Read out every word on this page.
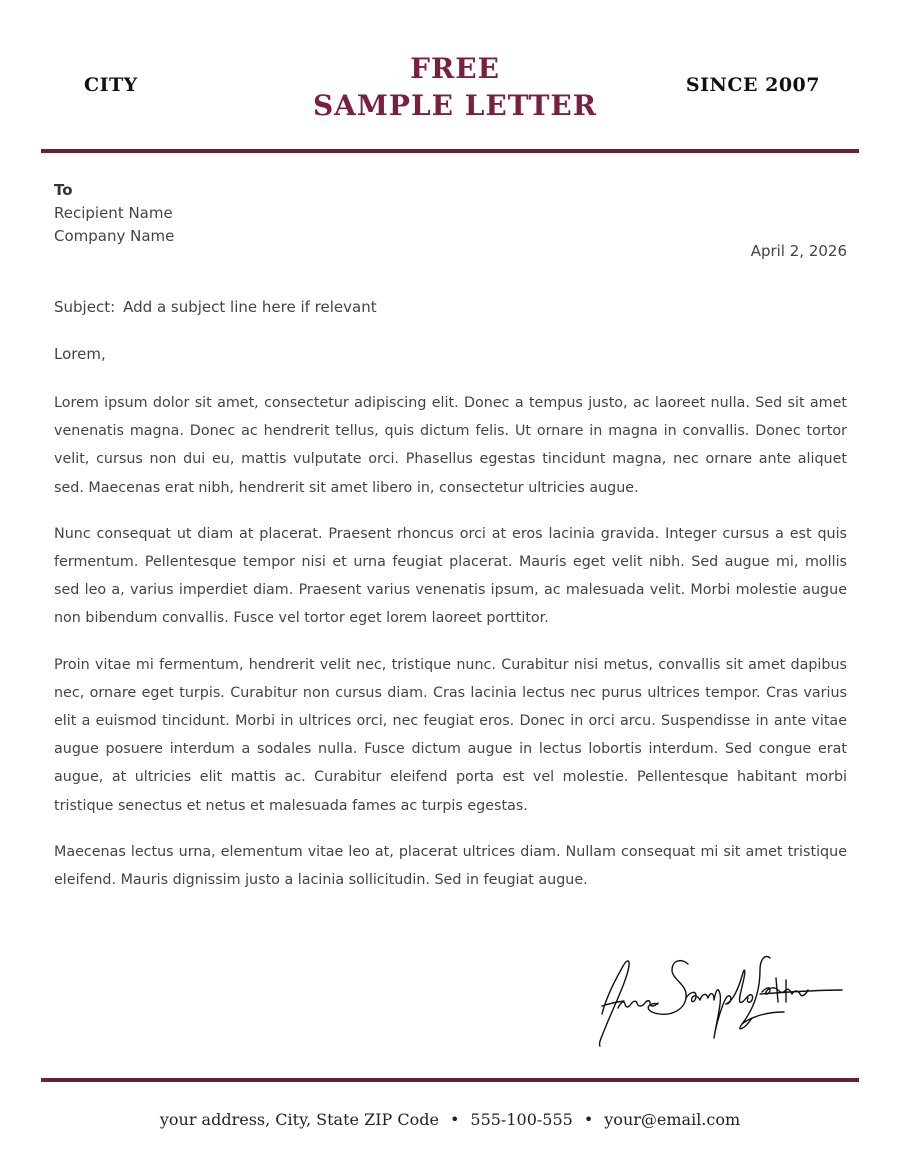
CITY	FREE
SAMPLE LETTER
SINCE 2007
To
Recipient Name
Company Name
April 2, 2026
Subject: Add a subject line here if relevant
Lorem,

Lorem ipsum dolor sit amet, consectetur adipiscing elit. Donec a tempus justo, ac laoreet nulla. Sed sit amet venenatis magna. Donec ac hendrerit tellus, quis dictum felis. Ut ornare in magna in convallis. Donec tortor velit, cursus non dui eu, mattis vulputate orci. Phasellus egestas tincidunt magna, nec ornare ante aliquet sed. Maecenas erat nibh, hendrerit sit amet libero in, consectetur ultricies augue.

Nunc consequat ut diam at placerat. Praesent rhoncus orci at eros lacinia gravida. Integer cursus a est quis fermentum. Pellentesque tempor nisi et urna feugiat placerat. Mauris eget velit nibh. Sed augue mi, mollis sed leo a, varius imperdiet diam. Praesent varius venenatis ipsum, ac malesuada velit. Morbi molestie augue non bibendum convallis. Fusce vel tortor eget lorem laoreet porttitor.

Proin vitae mi fermentum, hendrerit velit nec, tristique nunc. Curabitur nisi metus, convallis sit amet dapibus nec, ornare eget turpis. Curabitur non cursus diam. Cras lacinia lectus nec purus ultrices tempor. Cras varius elit a euismod tincidunt. Morbi in ultrices orci, nec feugiat eros. Donec in orci arcu. Suspendisse in ante vitae augue posuere interdum a sodales nulla. Fusce dictum augue in lectus lobortis interdum. Sed congue erat augue, at ultricies elit mattis ac. Curabitur eleifend porta est vel molestie. Pellentesque habitant morbi tristique senectus et netus et malesuada fames ac turpis egestas.

Maecenas lectus urna, elementum vitae leo at, placerat ultrices diam. Nullam consequat mi sit amet tristique eleifend. Mauris dignissim justo a lacinia sollicitudin. Sed in feugiat augue.

your address, City, State ZIP Code • 555-100-555 • your@email.com
